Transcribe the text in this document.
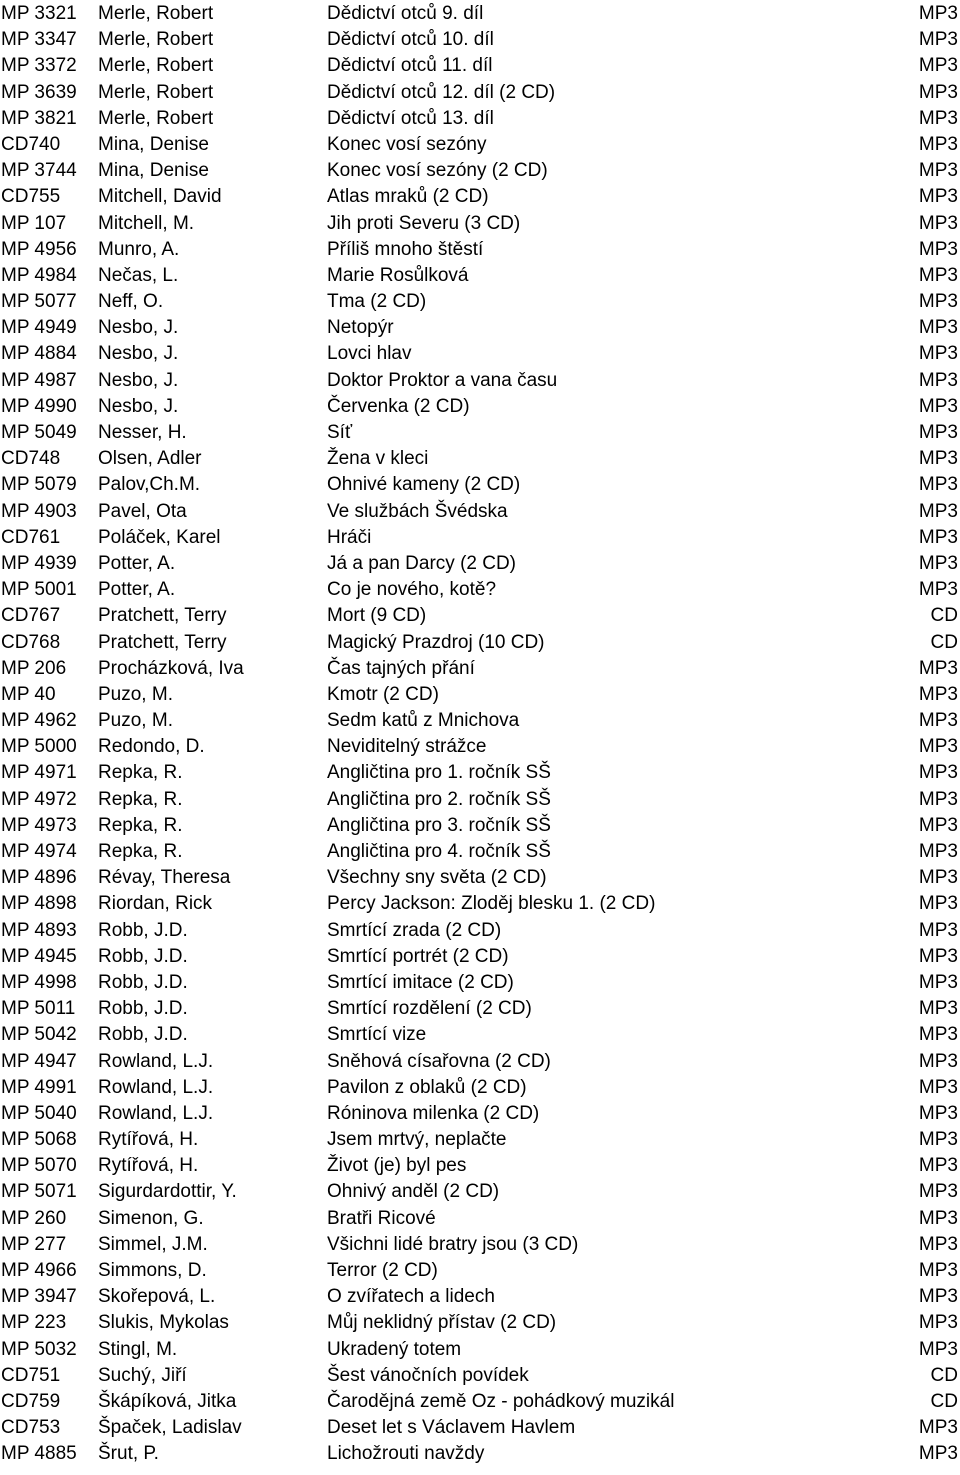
MP 3321 Merle, Robert	Dědictví otců 9. díl	MP3
MP 3347 Merle, Robert	Dědictví otců 10. díl	MP3
MP 3372 Merle, Robert	Dědictví otců 11. díl	MP3
MP 3639 Merle, Robert	Dědictví otců 12. díl (2 CD)	MP3
MP 3821 Merle, Robert	Dědictví otců 13. díl	MP3
CD740 Mina, Denise	Konec vosí sezóny	MP3
MP 3744 Mina, Denise	Konec vosí sezóny (2 CD)	MP3
CD755 Mitchell, David	Atlas mraků (2 CD)	MP3
MP 107 Mitchell, M.	Jih proti Severu (3 CD)	MP3
MP 4956 Munro, A.	Příliš mnoho štěstí	MP3
MP 4984 Nečas, L.	Marie Rosůlková	MP3
MP 5077 Neff, O.	Tma (2 CD)	MP3
MP 4949 Nesbo, J.	Netopýr	MP3
MP 4884 Nesbo, J.	Lovci hlav	MP3
MP 4987 Nesbo, J.	Doktor Proktor a vana času	MP3
MP 4990 Nesbo, J.	Červenka (2 CD)	MP3
MP 5049 Nesser, H.	Síť	MP3
CD748 Olsen, Adler	Žena v kleci	MP3
MP 5079 Palov,Ch.M.	Ohnivé kameny (2 CD)	MP3
MP 4903 Pavel, Ota	Ve službách Švédska	MP3
CD761 Poláček, Karel	Hráči	MP3
MP 4939 Potter, A.	Já a pan Darcy (2 CD)	MP3
MP 5001 Potter, A.	Co je nového, kotě?	MP3
CD767 Pratchett, Terry	Mort (9 CD)	CD
CD768 Pratchett, Terry	Magický Prazdroj (10 CD)	CD
MP 206 Procházková, Iva	Čas tajných přání	MP3
MP 40 Puzo, M.	Kmotr (2 CD)	MP3
MP 4962 Puzo, M.	Sedm katů z Mnichova	MP3
MP 5000 Redondo, D.	Neviditelný strážce	MP3
MP 4971 Repka, R.	Angličtina pro 1. ročník SŠ	MP3
MP 4972 Repka, R.	Angličtina pro 2. ročník SŠ	MP3
MP 4973 Repka, R.	Angličtina pro 3. ročník SŠ	MP3
MP 4974 Repka, R.	Angličtina pro 4. ročník SŠ	MP3
MP 4896 Révay, Theresa	Všechny sny světa (2 CD)	MP3
MP 4898 Riordan, Rick	Percy Jackson: Zloděj blesku 1. (2 CD)	MP3
MP 4893 Robb, J.D.	Smrtící zrada (2 CD)	MP3
MP 4945 Robb, J.D.	Smrtící portrét (2 CD)	MP3
MP 4998 Robb, J.D.	Smrtící imitace (2 CD)	MP3
MP 5011 Robb, J.D.	Smrtící rozdělení (2 CD)	MP3
MP 5042 Robb, J.D.	Smrtící vize	MP3
MP 4947 Rowland, L.J.	Sněhová císařovna (2 CD)	MP3
MP 4991 Rowland, L.J.	Pavilon z oblaků (2 CD)	MP3
MP 5040 Rowland, L.J.	Róninova milenka (2 CD)	MP3
MP 5068 Rytířová, H.	Jsem mrtvý, neplačte	MP3
MP 5070 Rytířová, H.	Život (je) byl pes	MP3
MP 5071 Sigurdardottir, Y.	Ohnivý anděl (2 CD)	MP3
MP 260 Simenon, G.	Bratři Ricové	MP3
MP 277 Simmel, J.M.	Všichni lidé bratry jsou (3 CD)	MP3
MP 4966 Simmons, D.	Terror (2 CD)	MP3
MP 3947 Skořepová, L.	O zvířatech a lidech	MP3
MP 223 Slukis, Mykolas	Můj neklidný přístav (2 CD)	MP3
MP 5032 Stingl, M.	Ukradený totem	MP3
CD751 Suchý, Jiří	Šest vánočních povídek	CD
CD759 Škápíková, Jitka	Čarodějná země Oz - pohádkový muzikál	CD
CD753 Špaček, Ladislav	Deset let s Václavem Havlem	MP3
MP 4885 Šrut, P.	Lichožrouti navždy	MP3
